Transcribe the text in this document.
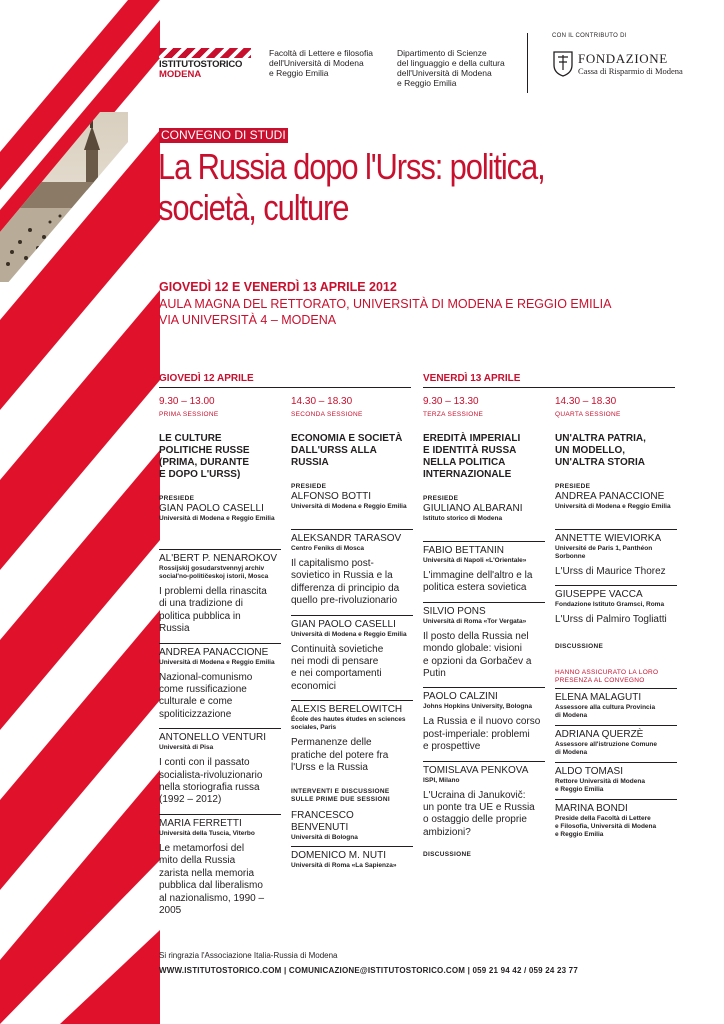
ISTITUTOSTORICO
MODENA
Facoltà di Lettere e filosofia
dell'Università di Modena
e Reggio Emilia
Dipartimento di Scienze
del linguaggio e della cultura
dell'Università di Modena
e Reggio Emilia
CON IL CONTRIBUTO DI
FONDAZIONE
Cassa di Risparmio di Modena
CONVEGNO DI STUDI
La Russia dopo l'Urss: politica,
società, culture
GIOVEDÌ 12 E VENERDÌ 13 APRILE 2012
AULA MAGNA DEL RETTORATO, UNIVERSITÀ DI MODENA E REGGIO EMILIA
VIA UNIVERSITÀ 4 – MODENA
GIOVEDÌ 12 APRILE	VENERDÌ 13 APRILE
9.30 – 13.00
PRIMA SESSIONE
LE CULTURE
POLITICHE RUSSE
(PRIMA, DURANTE
E DOPO L'URSS)
PRESIEDE
GIAN PAOLO CASELLI
Università di Modena e Reggio Emilia
AL'BERT P. NENAROKOV
Rossijskij gosudarstvennyj archiv
social'no-političeskoj istorii, Mosca
I problemi della rinascita
di una tradizione di
politica pubblica in
Russia
ANDREA PANACCIONE
Università di Modena e Reggio Emilia
Nazional-comunismo
come russificazione
culturale e come
spoliticizzazione
ANTONELLO VENTURI
Università di Pisa
I conti con il passato
socialista-rivoluzionario
nella storiografia russa
(1992 – 2012)
MARIA FERRETTI
Università della Tuscia, Viterbo
Le metamorfosi del
mito della Russia
zarista nella memoria
pubblica dal liberalismo
al nazionalismo, 1990 –
2005
14.30 – 18.30
SECONDA SESSIONE
ECONOMIA E SOCIETÀ
DALL'URSS ALLA
RUSSIA
PRESIEDE
ALFONSO BOTTI
Università di Modena e Reggio Emilia
ALEKSANDR TARASOV
Centro Feniks di Mosca
Il capitalismo post-
sovietico in Russia e la
differenza di principio da
quello pre-rivoluzionario
GIAN PAOLO CASELLI
Università di Modena e Reggio Emilia
Continuità sovietiche
nei modi di pensare
e nei comportamenti
economici
ALEXIS BERELOWITCH
École des hautes études en sciences
sociales, Paris
Permanenze delle
pratiche del potere fra
l'Urss e la Russia
INTERVENTI E DISCUSSIONE
SULLE PRIME DUE SESSIONI
FRANCESCO BENVENUTI
Università di Bologna
DOMENICO M. NUTI
Università di Roma «La Sapienza»
9.30 – 13.30
TERZA SESSIONE
EREDITÀ IMPERIALI
E IDENTITÀ RUSSA
NELLA POLITICA
INTERNAZIONALE
PRESIEDE
GIULIANO ALBARANI
Istituto storico di Modena
FABIO BETTANIN
Università di Napoli «L'Orientale»
L'immagine dell'altro e la
politica estera sovietica
SILVIO PONS
Università di Roma «Tor Vergata»
Il posto della Russia nel
mondo globale: visioni
e opzioni da Gorbačev a
Putin
PAOLO CALZINI
Johns Hopkins University, Bologna
La Russia e il nuovo corso
post-imperiale: problemi
e prospettive
TOMISLAVA PENKOVA
ISPI, Milano
L'Ucraina di Janukovič:
un ponte tra UE e Russia
o ostaggio delle proprie
ambizioni?
DISCUSSIONE
14.30 – 18.30
QUARTA SESSIONE
UN'ALTRA PATRIA,
UN MODELLO,
UN'ALTRA STORIA
PRESIEDE
ANDREA PANACCIONE
Università di Modena e Reggio Emilia
ANNETTE WIEVIORKA
Université de Paris 1, Panthéon
Sorbonne
L'Urss di Maurice Thorez
GIUSEPPE VACCA
Fondazione Istituto Gramsci, Roma
L'Urss di Palmiro Togliatti
DISCUSSIONE
HANNO ASSICURATO LA LORO
PRESENZA AL CONVEGNO
ELENA MALAGUTI
Assessore alla cultura Provincia
di Modena
ADRIANA QUERZÈ
Assessore all'istruzione Comune
di Modena
ALDO TOMASI
Rettore Università di Modena
e Reggio Emilia
MARINA BONDI
Preside della Facoltà di Lettere
e Filosofia, Università di Modena
e Reggio Emilia
Si ringrazia l'Associazione Italia-Russia di Modena
WWW.ISTITUTOSTORICO.COM | COMUNICAZIONE@ISTITUTOSTORICO.COM | 059 21 94 42 / 059 24 23 77
